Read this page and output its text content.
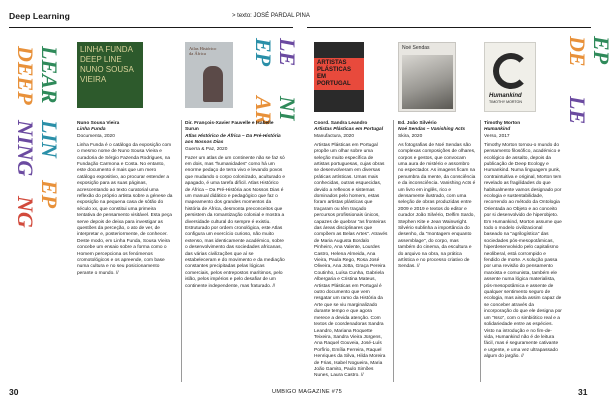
Deep Learning	> texto: JOSÉ PARDAL PINA
DEEP LEAR
NING LIN
NG
EP
EP LE
AR NI
DE EP
LE
LINHA FUNDA
DEEP LINE
NUNO SOUSA
VIEIRA
Atlas Histórico
da África
ARTISTAS
PLÁSTICAS
EM
PORTUGAL
Noé Sendas
Humankind
TIMOTHY MORTON
Nuno Sousa Vieira
Linha Funda
Documenta, 2020

Linha Funda é o catálogo da exposição com o mesmo nome de Nuno Sousa Vieira e curadoria de Sérgio Fazenda Rodrigues, na Fundação Carmona e Costa. No entanto, este documento é mais que um mero catálogo expositivo, ao procurar estender a exposição para as suas páginas, acrescentando ao texto curatorial uma reflexão do próprio artista sobre a génese da exposição na pequena casa de sótão do século xx, que constitui uma primeira tentativa de pensamento visitável. Esta peça serve depois de deixa para investigar as questões da perceção, o ato de ver, de interpretar e, posteriormente, de conhecer. Deste modo, em Linha Funda, Sousa Vieira concebe um ensaio sobre a forma como o Homem percepciona os fenómenos cromotológicos e os apreende, com base numa cultura e no seu posicionamento perante o mundo. //

Dir. François-Xavier Fauvelle e Isabelle Surun
Atlas Histórico de África – Da Pré-História aos Nossos Dias
Guerra & Paz, 2020

Fazer um atlas de um continente não se faz só em dois, mas "humanidades" como há um enorme pedaço de terra vivo e levando povos que mudando o corpo colonizado, aculturado e apagado, é uma tarefa difícil. Atlas Histórico de África – Da Pré-História aos Nossos Dias é um manual didático e pedagógico que faz o mapeamento dos grandes momentos da história de África, desmonta preconceitos que persistem da romantização colonial e mostra a diversidade cultural do sempre é existiu. Estruturado por ordem cronológica, este Atlas configura um exercício curioso, não muito extenso, mas identicamente académico, sobre o desenvolvimento das sociedades africanas, das várias civilizações que aí se estabeleceram e do movimento e da mediação constantes precipitadas pelas lógicas comerciais, pelos entrepostos marítimos, pelo islão, pelos impérios e pelo desafiar de um continente independente, mas fraturado. //

Coord. Sandra Leandro
Artistas Plásticas em Portugal
Manufactura, 2020

Artistas Plásticas em Portugal propõe um olhar sobre uma seleção muito específica de artistas portuguesas, cujas obras se desenvolveram em diversas práticas artísticas. Umas mais conhecidas, outras esquecidas, devido a reflexos e sistemas dominados pelo homem, estas foram artistas plásticas que traçaram ou têm traçado percursos profissionais únicos, capazes de quebrar "as fronteiras das áreas disciplinares que compõem as Belas Artes". Através de Maria Augusta Bordalo Pinheiro, Ana Valente, Lourdes Castro, Helena Almeida, Ana Vieira, Paula Rego, Rosa José Oliveira, Ana Jotta, Graça Pereira Coutinho, Luísa Cunha, Gabriela Albergaria e Cristina Mateus, Artistas Plásticas em Portugal é outro documento que vem resgatar um ramo da História da Arte que se viu marginalizado durante tempo e que agora merece a devida atenção. Com textos de coordenadoras Sandra Leandro, Mariana Roquette Teixeira, Sandra Vieira Jürgens, Ana Raquel Gouveia, José-Luís Porfírio, Emília Ferreira, Raquel Henriques da Silva, Hilda Moreira de Frias, Isabel Nogueira, Maria João Gamito, Paulo Simões Nunes, Laura Castro. //

Ed. João Silvério
Noé Sendas – Vanishing Acts
Skira, 2020

As fotografias de Noé Sendas são complexas composições de olhares, corpos e gestos, que convocam uma aura de mistério e assombro no espectador. As imagens ficam na penumbra da mente, da consciência e da inconsciência. Vanishing Acts é um livro em inglês, rico e densamente ilustrado, com uma seleção de obras produzidas entre 2009 e 2019 e textos do editor e curador João Silvério, Delfim Sardo, Stephen Kite e Jean Wainwright. Silvério sublinha a importância do desenho, da "montagem enquanto assemblage", do corpo, mas também do cinema, da escultura e do arquivo na obra, na prática artística e no processo criativo de Sendas. //

Timothy Morton
Humankind
Verso, 2017

Timothy Morton tornou-o mundo do pensamento filosófico, académico e ecológico de assalto, depois da publicação de Deep Ecology e Humankind. Numa linguagem punk, contraintuitiva e original, Morton tem revelado as fragilidades do que habitualmente vamos designado por ecologia e sustentabilidade, recorrendo ao método da Ontologia Orientada ao Objeto e ao conceito por si desenvolvido de hiperobjeto. Em Humankind, Morton assume que todo o modelo civilizacional baseado na "agrilogística" das sociedades pós-mesopotâmicas, hiperdesenvolvido pelo capitalismo neoliberal, está corrompido e fendido de morte. A solução passa por uma revisão do pensamento marxista e comunista, também ele assente numa lógica materialista, pós-mesopotâmica e assente de qualquer sentimento seguro de ecologia, mas ainda assim capaz de se conceber através da incorporação do que ele designa por um "Isso", com o simbiótico real e a solidariedade entre as espécies. Visto na introdução e no fim-de-vida, Humankind não é de leitura fácil, mas é seguramente cativante e urgente, e uma vez ultrapassado algum do jargão. //

30	UMBIGO MAGAZINE #75	31
